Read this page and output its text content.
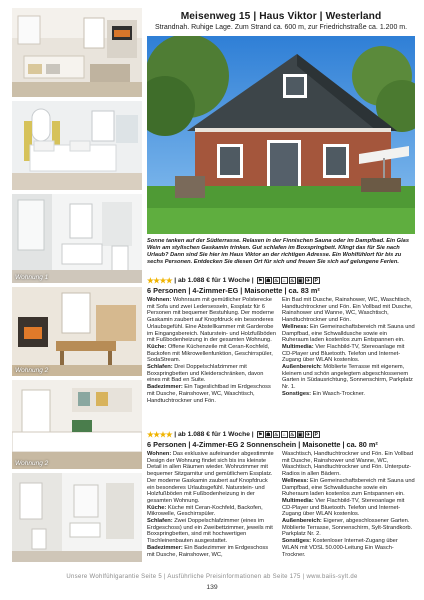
Wohnung 1
Wohnung 2
Wohnung 2
Meisenweg 15 | Haus Viktor | Westerland
Strandnah. Ruhige Lage. Zum Strand ca. 600 m, zur Friedrichstraße ca. 1.200 m.
Sonne tanken auf der Südterrasse. Relaxen in der Finnischen Sauna oder im Dampfbad. Ein Glas Wein am stylischen Gaskamin trinken. Gut schlafen im Boxspringbett. Klingt das für Sie nach Urlaub? Dann sind Sie hier im Haus Viktor an der richtigen Adresse. Ein Wohlfühlort für bis zu sechs Personen. Entdecken Sie diesen Ort für sich und freuen Sie sich auf gelungene Ferien.
★★★★ | ab 1.088 € für 1 Woche | ⚑ ☗ ♨ ⌂ ♨ ▣ ✈ P
6 Personen | 4-Zimmer-EG | Maisonette | ca. 83 m²

Wohnen: Wohnraum mit gemütlicher Polsterecke mit Sofa und zwei Ledersesseln, Essplatz für 6 Personen mit bequemer Bestuhlung. Der moderne Gaskamin zaubert auf Knopfdruck ein besonderes Urlaubsgefühl. Eine Abstellkammer mit Garderobe im Eingangsbereich. Naturstein- und Holzfußböden mit Fußbodenheizung in der gesamten Wohnung.

Küche: Offene Küchenzeile mit Ceran-Kochfeld, Backofen mit Mikrowellenfunktion, Geschirrspüler, SodaStream.

Schlafen: Drei Doppelschlafzimmer mit Boxspringbetten und Kleiderschränken, davon eines mit Bad en Suite.

Badezimmer: Ein Tageslichtbad im Erdgeschoss mit Dusche, Rainshower, WC, Waschtisch, Handtuchtrockner und Fön.

Ein Bad mit Dusche, Rainshower, WC, Waschtisch, Handtuchtrockner und Fön. Ein Vollbad mit Dusche, Rainshower und Wanne, WC, Waschtisch, Handtuchtrockner und Fön.

Wellness: Ein Gemeinschaftsbereich mit Sauna und Dampfbad, eine Schwalldusche sowie ein Ruheraum laden kostenlos zum Entspannen ein.

Multimedia: Vier Flachbild-TV, Stereoanlage mit CD-Player und Bluetooth. Telefon und Internet-Zugang über WLAN kostenlos.

Außenbereich: Möblierte Terrasse mit eigenem, kleinem und schön angelegtem abgeschlossenem Garten in Südausrichtung, Sonnenschirm, Parkplatz Nr. 1.

Sonstiges: Ein Wasch-Trockner.

★★★★ | ab 1.088 € für 1 Woche | ⚑ ☗ ♨ ⌂ ♨ ▣ ✈ P
6 Personen | 4-Zimmer-EG 2 Sonnenschein | Maisonette | ca. 80 m²

Wohnen: Das exklusive aufeinander abgestimmte Design der Wohnung findet sich bis ins kleinste Detail in allen Räumen wieder. Wohnzimmer mit bequemer Sitzgarnitur und gemütlichem Essplatz. Der moderne Gaskamin zaubert auf Knopfdruck ein besonderes Urlaubsgefühl. Naturstein- und Holzfußböden mit Fußbodenheizung in der gesamten Wohnung.

Küche: Küche mit Ceran-Kochfeld, Backofen, Mikrowelle, Geschirrspüler.

Schlafen: Zwei Doppelschlafzimmer (eines im Erdgeschoss) und ein Zweibettzimmer, jeweils mit Boxspringbetten, sind mit hochwertigen Tischleinenbauten ausgestattet.

Badezimmer: Ein Badezimmer im Erdgeschoss mit Dusche, Rainshower, WC,

Waschtisch, Handtuchtrockner und Fön. Ein Vollbad mit Dusche, Rainshower und Wanne, WC, Waschtisch, Handtuchtrockner und Fön. Unterputz-Radios in allen Bädern.

Wellness: Ein Gemeinschaftsbereich mit Sauna und Dampfbad, eine Schwalldusche sowie ein Ruheraum laden kostenlos zum Entspannen ein.

Multimedia: Vier Flachbild-TV, Stereoanlage mit CD-Player und Bluetooth. Telefon und Internet-Zugang über WLAN kostenlos.

Außenbereich: Eigener, abgeschlossener Garten. Möblierte Terrasse, Sonnenschirm, Sylt-Strandkorb. Parkplatz Nr. 2.

Sonstiges: Kostenloser Internet-Zugang über WLAN mit VDSL 50.000-Leitung Ein Wasch-Trockner.

Unsere Wohlfühlgarantie Seite 5 | Ausführliche Preisinformationen ab Seite 175 | www.baiis-sylt.de
139
